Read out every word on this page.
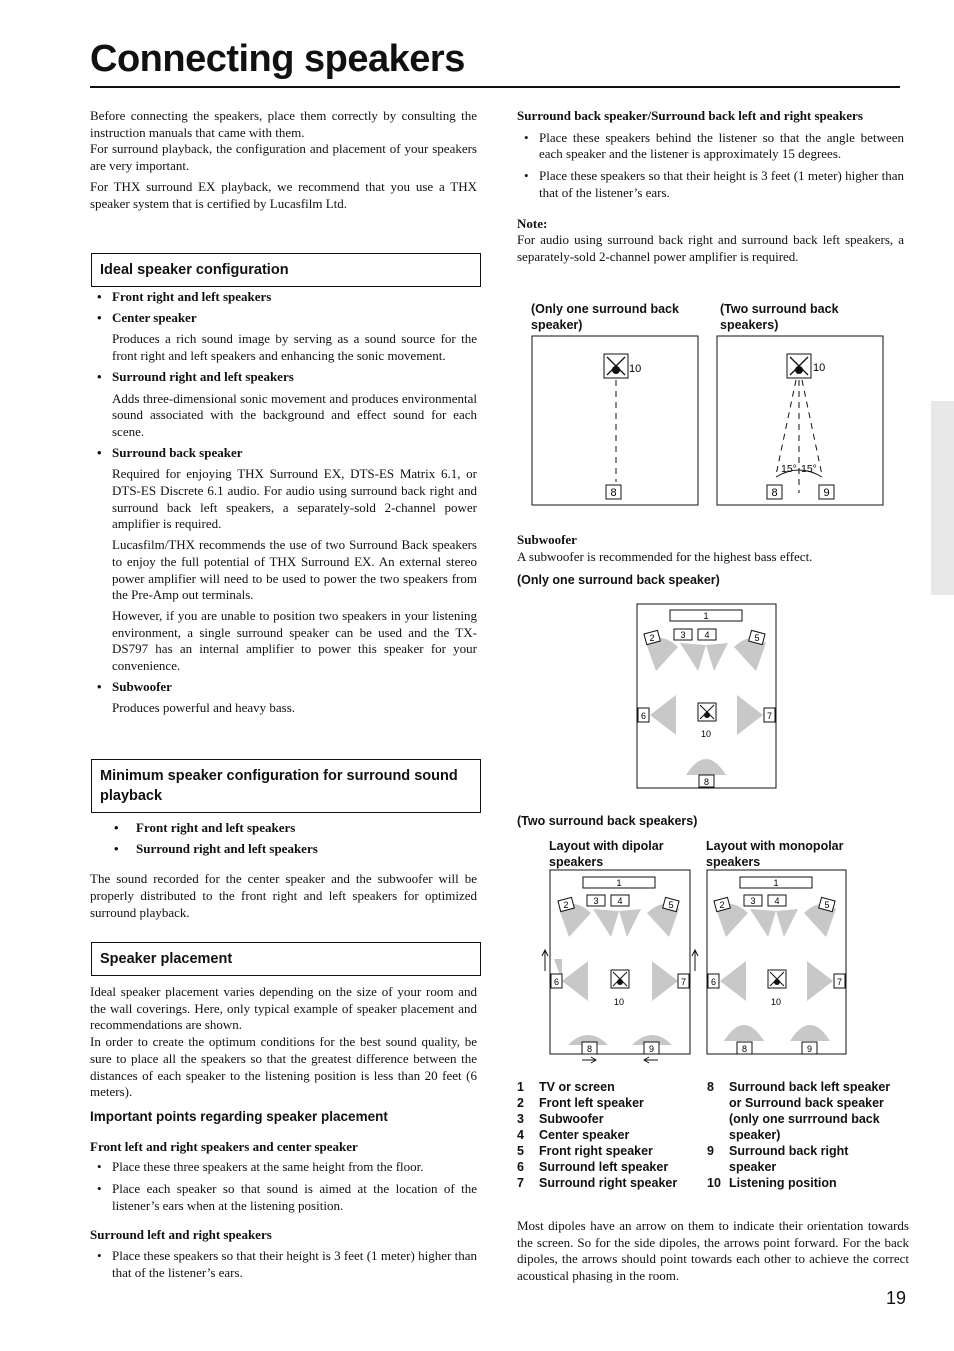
Connecting speakers

Before connecting the speakers, place them correctly by consulting the instruction manuals that came with them.

For surround playback, the configuration and placement of your speakers are very important.

For THX surround EX playback, we recommend that you use a THX speaker system that is certified by Lucasfilm Ltd.

Ideal speaker configuration

• Front right and left speakers

• Center speaker

Produces a rich sound image by serving as a sound source for the front right and left speakers and enhancing the sonic movement.

• Surround right and left speakers

Adds three-dimensional sonic movement and produces environmental sound associated with the background and effect sound for each scene.

• Surround back speaker

Required for enjoying THX Surround EX, DTS-ES Matrix 6.1, or DTS-ES Discrete 6.1 audio. For audio using surround back right and surround back left speakers, a separately-sold 2-channel power amplifier is required.

Lucasfilm/THX recommends the use of two Surround Back speakers to enjoy the full potential of THX Surround EX. An external stereo power amplifier will need to be used to power the two speakers from the Pre-Amp out terminals.

However, if you are unable to position two speakers in your listening environment, a single surround speaker can be used and the TX-DS797 has an internal amplifier to power this speaker for your convenience.

• Subwoofer

Produces powerful and heavy bass.

Minimum speaker configuration for surround sound playback

• Front right and left speakers

• Surround right and left speakers

The sound recorded for the center speaker and the subwoofer will be properly distributed to the front right and left speakers for optimized surround playback.

Speaker placement

Ideal speaker placement varies depending on the size of your room and the wall coverings. Here, only typical example of speaker placement and recommendations are shown.

In order to create the optimum conditions for the best sound quality, be sure to place all the speakers so that the greatest difference between the distances of each speaker to the listening position is less than 20 feet (6 meters).

Important points regarding speaker placement

Front left and right speakers and center speaker

• Place these three speakers at the same height from the floor.

• Place each speaker so that sound is aimed at the location of the listener’s ears when at the listening position.

Surround left and right speakers

• Place these speakers so that their height is 3 feet (1 meter) higher than that of the listener’s ears.

Surround back speaker/Surround back left and right speakers

• Place these speakers behind the listener so that the angle between each speaker and the listener is approximately 15 degrees.

• Place these speakers so that their height is 3 feet (1 meter) higher than that of the listener’s ears.

Note:

For audio using surround back right and surround back left speakers, a separately-sold 2-channel power amplifier is required.

(Only one surround back speaker)
(Two surround back speakers)
10
8
10
15° 15°
8	9

Subwoofer

A subwoofer is recommended for the highest bass effect.

(Only one surround back speaker)
1
2	3 4	5
6	7
10
8
(Two surround back speakers)
Layout with dipolar speakers
Layout with monopolar speakers
1
2	3 4	5
6	7
10
8	9
1
2	3 4	5
6	7
10
8	9
1	TV or screen
2	Front left speaker
3	Subwoofer
4	Center speaker
5	Front right speaker
6	Surround left speaker
7	Surround right speaker
8	Surround back left speaker or Surround back speaker (only one surrround back speaker)
9	Surround back right speaker
10 Listening position

Most dipoles have an arrow on them to indicate their orientation towards the screen. So for the side dipoles, the arrows point forward. For the back dipoles, the arrows should point towards each other to achieve the correct acoustical phasing in the room.

19
